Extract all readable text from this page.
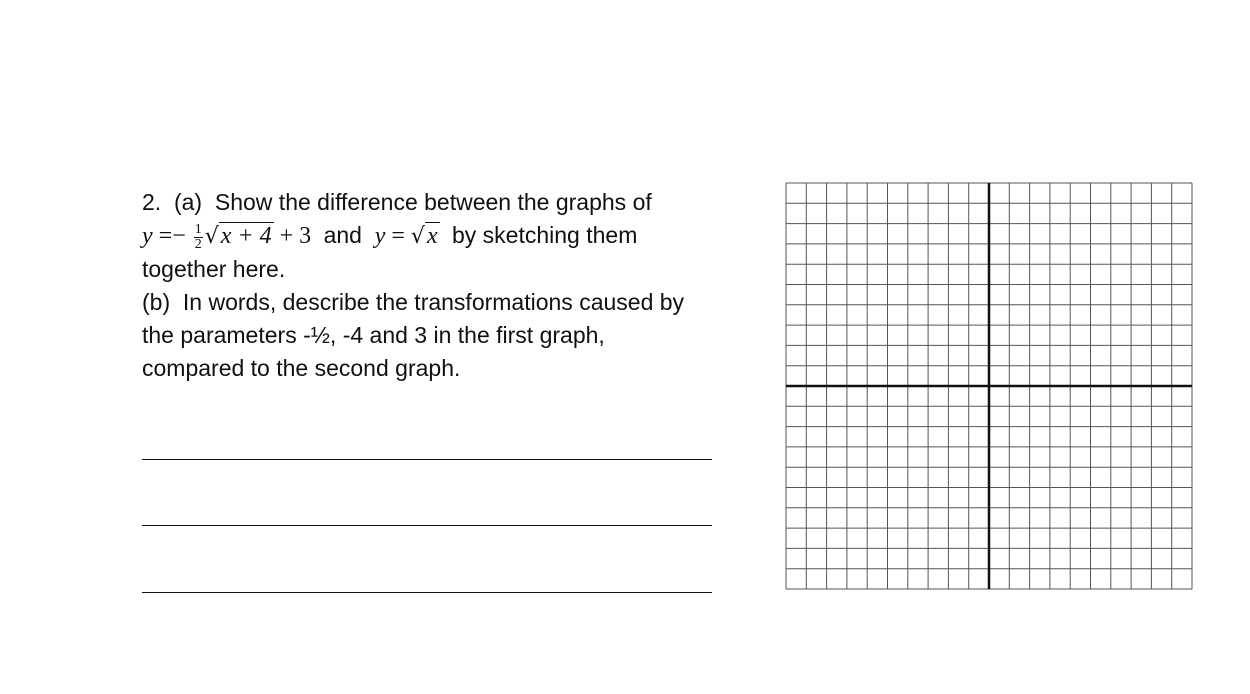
2. (a) Show the difference between the graphs of
$y =- \frac{1}{2} √x + 4 + 3$ and y = √x by sketching them
together here.
(b) In words, describe the transformations caused by
the parameters -½, -4 and 3 in the first graph,
compared to the second graph.
